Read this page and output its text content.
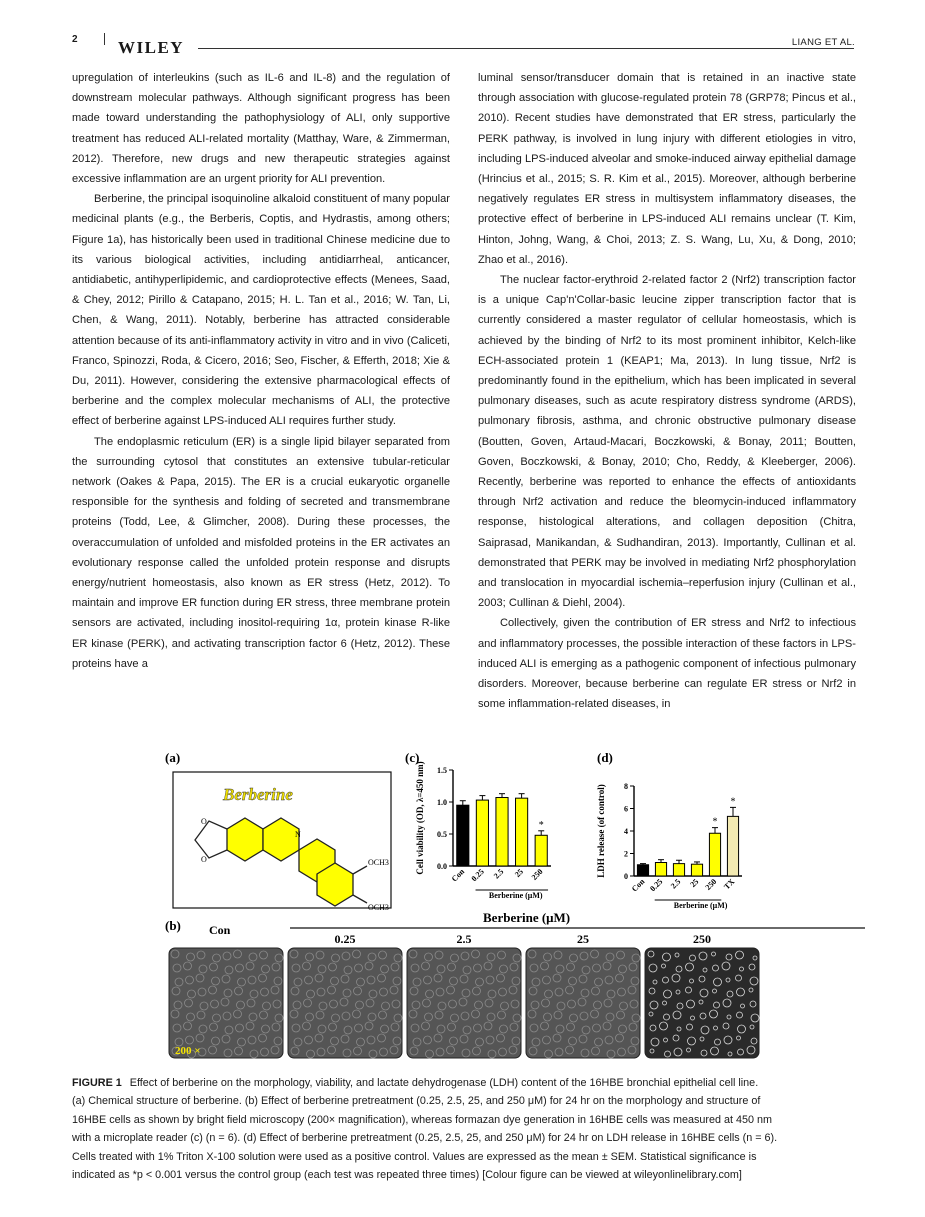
2 WILEY	LIANG ET AL.

upregulation of interleukins (such as IL-6 and IL-8) and the regulation of downstream molecular pathways. Although significant progress has been made toward understanding the pathophysiology of ALI, only supportive treatment has reduced ALI-related mortality (Matthay, Ware, & Zimmerman, 2012). Therefore, new drugs and new therapeutic strategies against excessive inflammation are an urgent priority for ALI prevention.

Berberine, the principal isoquinoline alkaloid constituent of many popular medicinal plants (e.g., the Berberis, Coptis, and Hydrastis, among others; Figure 1a), has historically been used in traditional Chinese medicine due to its various biological activities, including antidiarrheal, anticancer, antidiabetic, antihyperlipidemic, and cardioprotective effects (Menees, Saad, & Chey, 2012; Pirillo & Catapano, 2015; H. L. Tan et al., 2016; W. Tan, Li, Chen, & Wang, 2011). Notably, berberine has attracted considerable attention because of its anti-inflammatory activity in vitro and in vivo (Caliceti, Franco, Spinozzi, Roda, & Cicero, 2016; Seo, Fischer, & Efferth, 2018; Xie & Du, 2011). However, considering the extensive pharmacological effects of berberine and the complex molecular mechanisms of ALI, the protective effect of berberine against LPS-induced ALI requires further study.

The endoplasmic reticulum (ER) is a single lipid bilayer separated from the surrounding cytosol that constitutes an extensive tubular-reticular network (Oakes & Papa, 2015). The ER is a crucial eukaryotic organelle responsible for the synthesis and folding of secreted and transmembrane proteins (Todd, Lee, & Glimcher, 2008). During these processes, the overaccumulation of unfolded and misfolded proteins in the ER activates an evolutionary response called the unfolded protein response and disrupts energy/nutrient homeostasis, also known as ER stress (Hetz, 2012). To maintain and improve ER function during ER stress, three membrane protein sensors are activated, including inositol-requiring 1α, protein kinase R-like ER kinase (PERK), and activating transcription factor 6 (Hetz, 2012). These proteins have a

luminal sensor/transducer domain that is retained in an inactive state through association with glucose-regulated protein 78 (GRP78; Pincus et al., 2010). Recent studies have demonstrated that ER stress, particularly the PERK pathway, is involved in lung injury with different etiologies in vitro, including LPS-induced alveolar and smoke-induced airway epithelial damage (Hrincius et al., 2015; S. R. Kim et al., 2015). Moreover, although berberine negatively regulates ER stress in multisystem inflammatory diseases, the protective effect of berberine in LPS-induced ALI remains unclear (T. Kim, Hinton, Johng, Wang, & Choi, 2013; Z. S. Wang, Lu, Xu, & Dong, 2010; Zhao et al., 2016).

The nuclear factor-erythroid 2-related factor 2 (Nrf2) transcription factor is a unique Cap'n'Collar-basic leucine zipper transcription factor that is currently considered a master regulator of cellular homeostasis, which is achieved by the binding of Nrf2 to its most prominent inhibitor, Kelch-like ECH-associated protein 1 (KEAP1; Ma, 2013). In lung tissue, Nrf2 is predominantly found in the epithelium, which has been implicated in several pulmonary diseases, such as acute respiratory distress syndrome (ARDS), pulmonary fibrosis, asthma, and chronic obstructive pulmonary disease (Boutten, Goven, Artaud-Macari, Boczkowski, & Bonay, 2011; Boutten, Goven, Boczkowski, & Bonay, 2010; Cho, Reddy, & Kleeberger, 2006). Recently, berberine was reported to enhance the effects of antioxidants through Nrf2 activation and reduce the bleomycin-induced inflammatory response, histological alterations, and collagen deposition (Chitra, Saiprasad, Manikandan, & Sudhandiran, 2013). Importantly, Cullinan et al. demonstrated that PERK may be involved in mediating Nrf2 phosphorylation and translocation in myocardial ischemia–reperfusion injury (Cullinan et al., 2003; Cullinan & Diehl, 2004).

Collectively, given the contribution of ER stress and Nrf2 to infectious and inflammatory processes, the possible interaction of these factors in LPS-induced ALI is emerging as a pathogenic component of infectious pulmonary disorders. Moreover, because berberine can regulate ER stress or Nrf2 in some inflammation-related diseases, in

(a)
Berberine
O
O
N
OCH3
OCH3
(c)
0.0
0.5
1.0
1.5
Cell viability (OD, λ=450 nm)
Con 0.25 2.5 25
*
250
Berberine (μM)
(d)
0
2
4
6
8
LDH release (of control)
Con 0.25 2.5 25
*
250
*
TX
Berberine (μM)
(b)
Berberine (μM)
Con
0.25	2.5	25	250
200 ×
FIGURE 1 Effect of berberine on the morphology, viability, and lactate dehydrogenase (LDH) content of the 16HBE bronchial epithelial cell line.
(a) Chemical structure of berberine. (b) Effect of berberine pretreatment (0.25, 2.5, 25, and 250 μM) for 24 hr on the morphology and structure of
16HBE cells as shown by bright field microscopy (200× magnification), whereas formazan dye generation in 16HBE cells was measured at 450 nm
with a microplate reader (c) (n = 6). (d) Effect of berberine pretreatment (0.25, 2.5, 25, and 250 μM) for 24 hr on LDH release in 16HBE cells (n = 6).
Cells treated with 1% Triton X-100 solution were used as a positive control. Values are expressed as the mean ± SEM. Statistical significance is
indicated as *p < 0.001 versus the control group (each test was repeated three times) [Colour figure can be viewed at wileyonlinelibrary.com]
